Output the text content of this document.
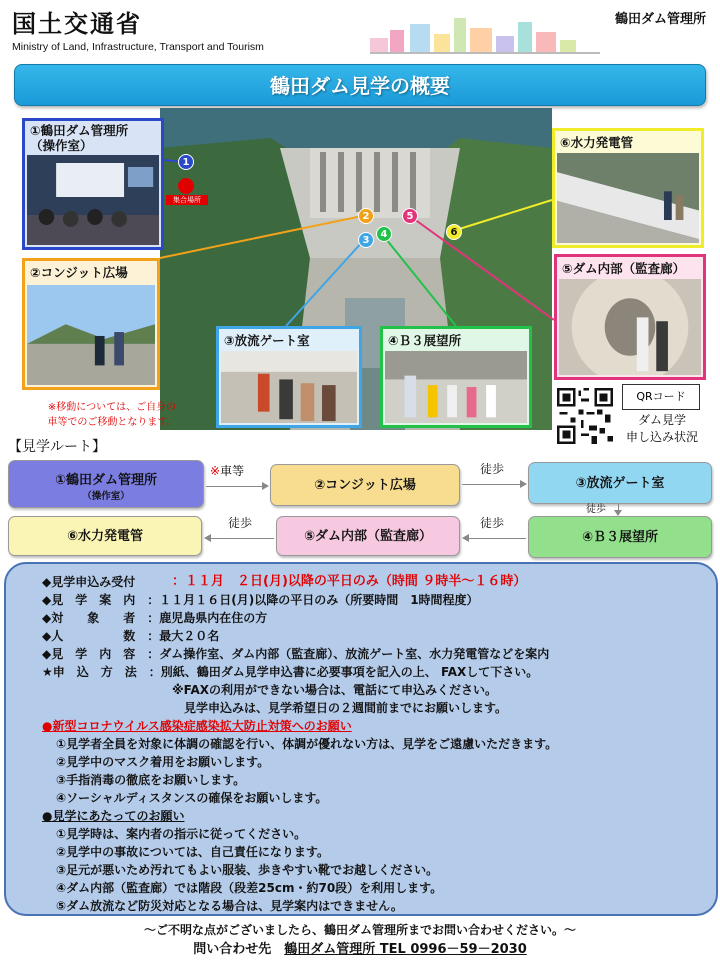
国土交通省
Ministry of Land, Infrastructure, Transport and Tourism
鶴田ダム管理所
鶴田ダム見学の概要
①鶴田ダム管理所
（操作室）
集合場所
②コンジット広場
③放流ゲート室	④Ｂ３展望所
⑤ダム内部（監査廊）
⑥水力発電管
1
2
3
4
5
6
※移動については、ご自身の
車等でのご移動となります。
QRコード
ダム見学
申し込み状況
【見学ルート】
①鶴田ダム管理所
（操作室）
②コンジット広場	③放流ゲート室
④Ｂ３展望所
⑤ダム内部（監査廊）
⑥水力発電管
※車等	徒歩
徒歩
徒歩
徒歩
◆見学申込み受付	：１１月　２日(月)以降の平日のみ（時間 ９時半～１６時）
◆見　学　案　内　：１１月１６日(月)以降の平日のみ（所要時間　1時間程度）
◆対　　象　　者　：鹿児島県内在住の方
◆人　　　　　数　：最大２０名
◆見　学　内　容　：ダム操作室、ダム内部（監査廊）、放流ゲート室、水力発電管などを案内
★申　込　方　法　：別紙、鶴田ダム見学申込書に必要事項を記入の上、 FAXして下さい。
※FAXの利用ができない場合は、電話にて申込みください。
見学申込みは、見学希望日の２週間前までにお願いします。
●新型コロナウイルス感染症感染拡大防止対策へのお願い
①見学者全員を対象に体調の確認を行い、体調が優れない方は、見学をご遠慮いただきます。
②見学中のマスク着用をお願いします。
③手指消毒の徹底をお願いします。
④ソーシャルディスタンスの確保をお願いします。
●見学にあたってのお願い
①見学時は、案内者の指示に従ってください。
②見学中の事故については、自己責任になります。
③足元が悪いため汚れてもよい服装、歩きやすい靴でお越しください。
④ダム内部（監査廊）では階段（段差25cm・約70段）を利用します。
⑤ダム放流など防災対応となる場合は、見学案内はできません。
～ご不明な点がございましたら、鶴田ダム管理所までお問い合わせください。～
問い合わせ先　鶴田ダム管理所 TEL 0996－59－2030
